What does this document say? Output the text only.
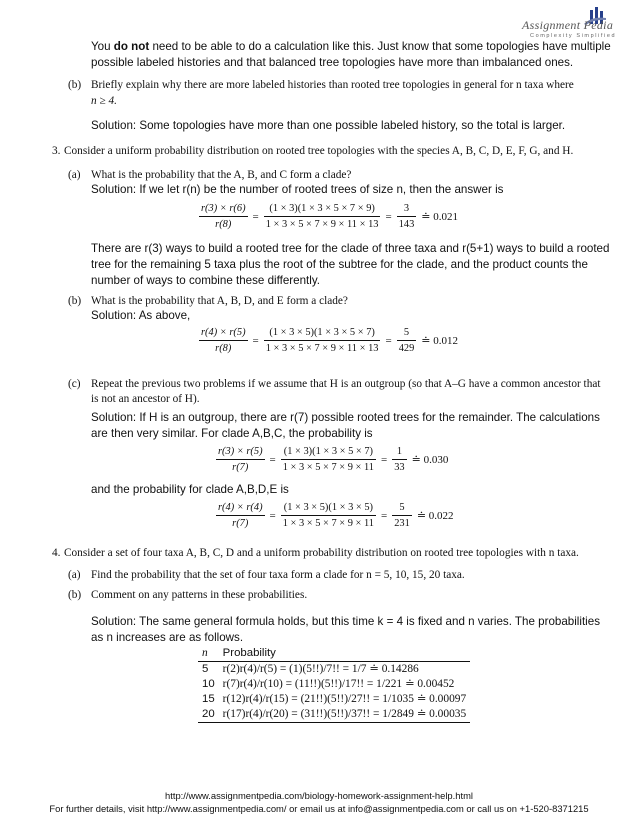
Assignment Pedia
Complexity Simplified
You do not need to be able to do a calculation like this. Just know that some topologies have multiple
possible labeled histories and that balanced tree topologies have more than imbalanced ones.
(b) Briefly explain why there are more labeled histories than rooted tree topologies in general for n taxa where
n ≥ 4.
Solution: Some topologies have more than one possible labeled history, so the total is larger.
3. Consider a uniform probability distribution on rooted tree topologies with the species A, B, C, D, E, F, G, and H.
(a) What is the probability that the A, B, and C form a clade?
Solution: If we let r(n) be the number of rooted trees of size n, then the answer is
$\frac{r(3) \times r(6)}{r(8)} = \frac{(1 \times 3)(1 \times 3 \times 5 \times 7 \times 9)}{1 \times 3 \times 5 \times 7 \times 9 \times 11 \times 13} = \frac{3}{143}$ ≐ 0.021
There are r(3) ways to build a rooted tree for the clade of three taxa and r(5+1) ways to build a rooted
tree for the remaining 5 taxa plus the root of the subtree for the clade, and the product counts the
number of ways to combine these differently.
(b) What is the probability that A, B, D, and E form a clade?
Solution: As above,
$\frac{r(4) \times r(5)}{r(8)} = \frac{(1 \times 3 \times 5)(1 \times 3 \times 5 \times 7)}{1 \times 3 \times 5 \times 7 \times 9 \times 11 \times 13} = \frac{5}{429}$ ≐ 0.012
(c) Repeat the previous two problems if we assume that H is an outgroup (so that A–G have a common ancestor that
is not an ancestor of H).
Solution: If H is an outgroup, there are r(7) possible rooted trees for the remainder. The calculations
are then very similar. For clade A,B,C, the probability is
$\frac{r(3) \times r(5)}{r(7)} = \frac{(1 \times 3)(1 \times 3 \times 5 \times 7)}{1 \times 3 \times 5 \times 7 \times 9 \times 11} = \frac{1}{33}$ ≐ 0.030
and the probability for clade A,B,D,E is
$\frac{r(4) \times r(4)}{r(7)} = \frac{(1 \times 3 \times 5)(1 \times 3 \times 5)}{1 \times 3 \times 5 \times 7 \times 9 \times 11} = \frac{5}{231}$ ≐ 0.022
4. Consider a set of four taxa A, B, C, D and a uniform probability distribution on rooted tree topologies with n taxa.
(a) Find the probability that the set of four taxa form a clade for n = 5, 10, 15, 20 taxa.
(b) Comment on any patterns in these probabilities.
Solution: The same general formula holds, but this time k = 4 is fixed and n varies. The probabilities
as n increases are as follows.
n	Probability
5	r(2)r(4)/r(5) = (1)(5!!)/7!! = 1/7 ≐ 0.14286
10	r(7)r(4)/r(10) = (11!!)(5!!)/17!! = 1/221 ≐ 0.00452
15	r(12)r(4)/r(15) = (21!!)(5!!)/27!! = 1/1035 ≐ 0.00097
20	r(17)r(4)/r(20) = (31!!)(5!!)/37!! = 1/2849 ≐ 0.00035
http://www.assignmentpedia.com/biology-homework-assignment-help.html
For further details, visit http://www.assignmentpedia.com/ or email us at info@assignmentpedia.com or call us on +1-520-8371215
